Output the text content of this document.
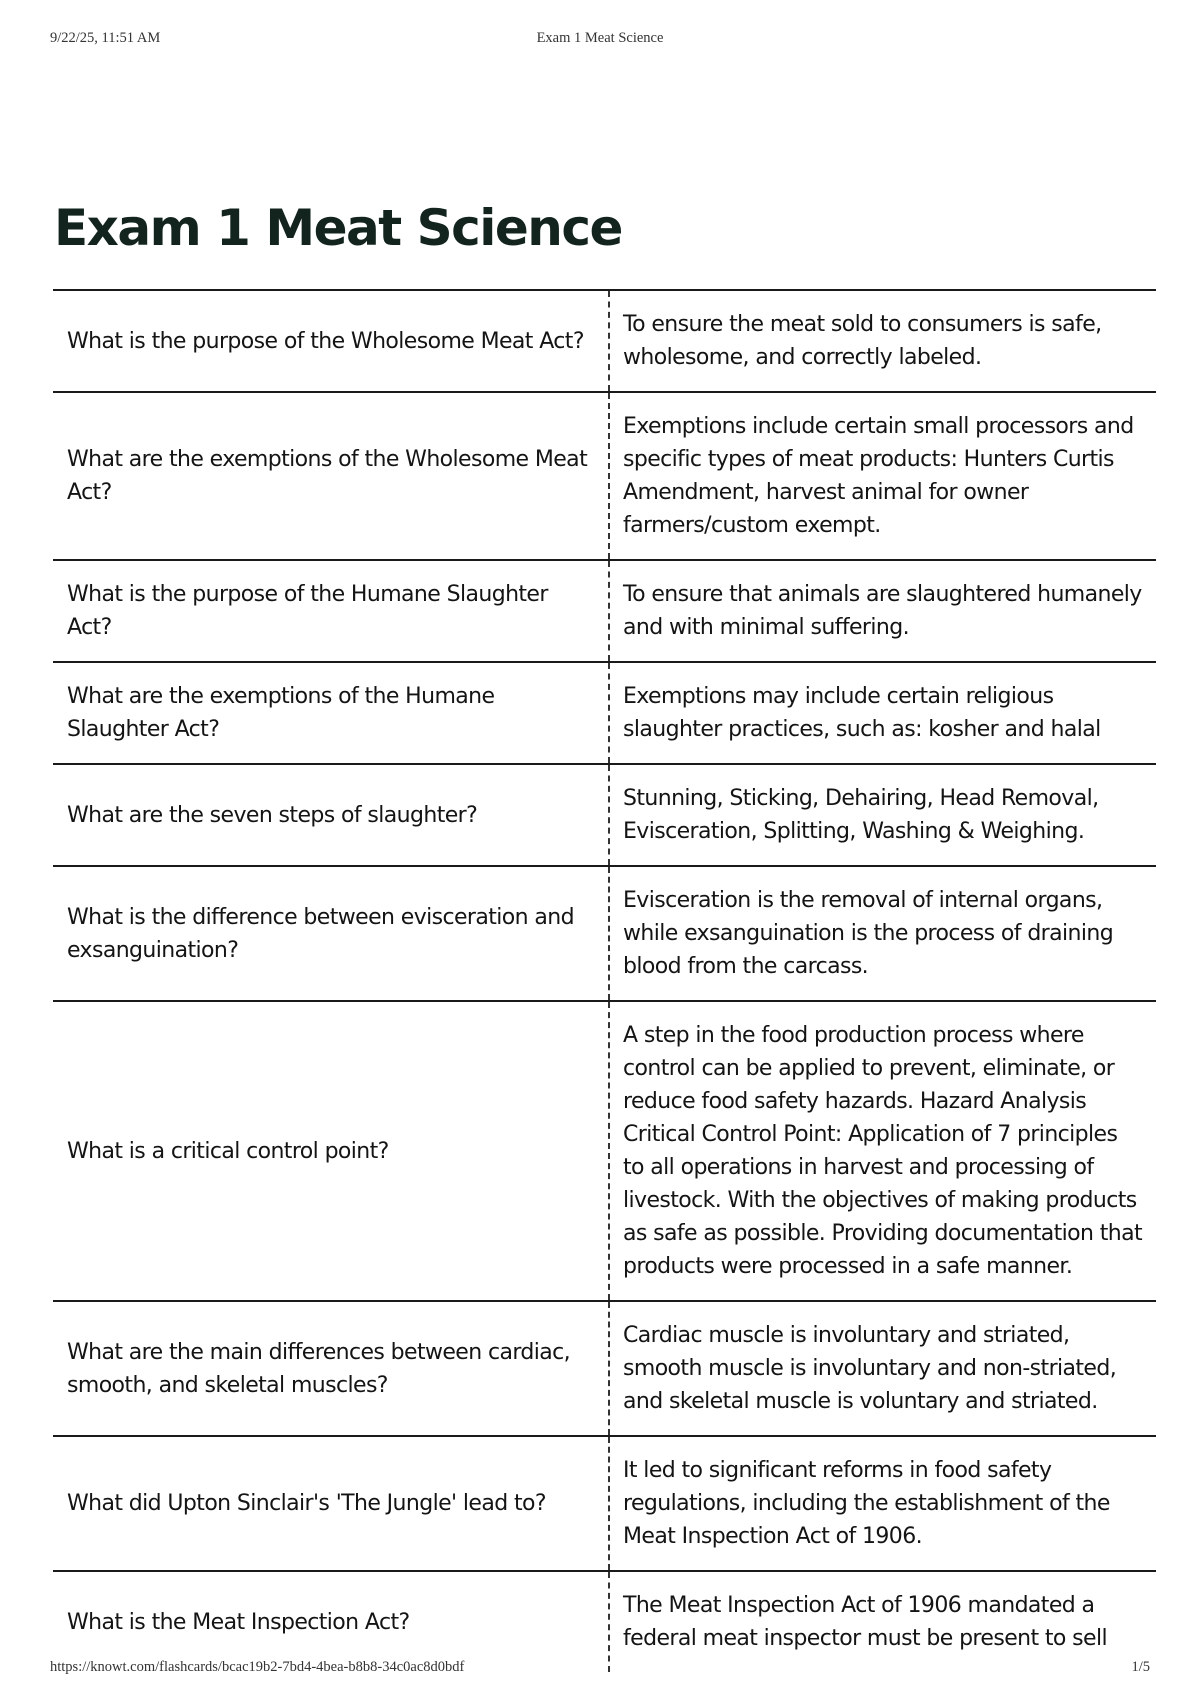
9/22/25, 11:51 AM	Exam 1 Meat Science
Exam 1 Meat Science
What is the purpose of the Wholesome Meat Act?	To ensure the meat sold to consumers is safe, wholesome, and correctly labeled.
What are the exemptions of the Wholesome Meat Act?	Exemptions include certain small processors and specific types of meat products: Hunters Curtis Amendment, harvest animal for owner farmers/custom exempt.
What is the purpose of the Humane Slaughter Act?	To ensure that animals are slaughtered humanely and with minimal suffering.
What are the exemptions of the Humane Slaughter Act?	Exemptions may include certain religious slaughter practices, such as: kosher and halal
What are the seven steps of slaughter?	Stunning, Sticking, Dehairing, Head Removal, Evisceration, Splitting, Washing & Weighing.
What is the difference between evisceration and exsanguination?	Evisceration is the removal of internal organs, while exsanguination is the process of draining blood from the carcass.
What is a critical control point?	A step in the food production process where control can be applied to prevent, eliminate, or reduce food safety hazards. Hazard Analysis Critical Control Point: Application of 7 principles to all operations in harvest and processing of livestock. With the objectives of making products as safe as possible. Providing documentation that products were processed in a safe manner.
What are the main differences between cardiac, smooth, and skeletal muscles?	Cardiac muscle is involuntary and striated, smooth muscle is involuntary and non-striated, and skeletal muscle is voluntary and striated.
What did Upton Sinclair's 'The Jungle' lead to?	It led to significant reforms in food safety regulations, including the establishment of the Meat Inspection Act of 1906.
What is the Meat Inspection Act?	The Meat Inspection Act of 1906 mandated a federal meat inspector must be present to sell
https://knowt.com/flashcards/bcac19b2-7bd4-4bea-b8b8-34c0ac8d0bdf	1/5
